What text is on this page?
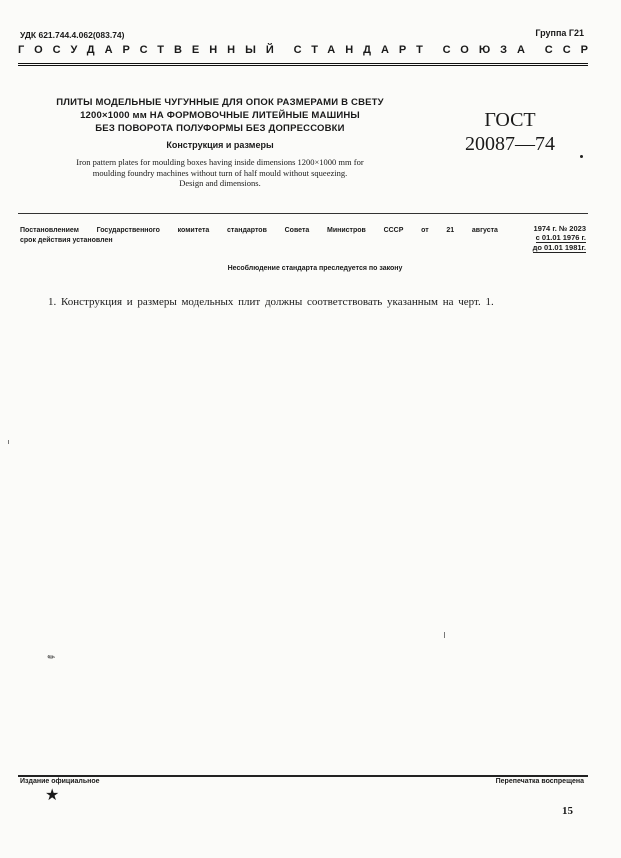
УДК 621.744.4.062(083.74)	Группа Г21
ГОСУДАРСТВЕННЫЙ СТАНДАРТ СОЮЗА ССР
ПЛИТЫ МОДЕЛЬНЫЕ ЧУГУННЫЕ ДЛЯ ОПОК РАЗМЕРАМИ В СВЕТУ
1200×1000 мм НА ФОРМОВОЧНЫЕ ЛИТЕЙНЫЕ МАШИНЫ
БЕЗ ПОВОРОТА ПОЛУФОРМЫ БЕЗ ДОПРЕССОВКИ
Конструкция и размеры
Iron pattern plates for moulding boxes having inside dimensions 1200×1000 mm for
moulding foundry machines without turn of half mould without squeezing.
Design and dimensions.
ГОСТ
20087—74
Постановлением	Государственного	комитета	стандартов	Совета	Министров	СССР	от	21	августа
срок действия установлен
1974 г. № 2023
с 01.01 1976 г.
до 01.01 1981г.
Несоблюдение стандарта преследуется по закону
1. Конструкция и размеры модельных плит должны соответствовать указанным на черт. 1.
✎
Издание официальное	Перепечатка воспрещена
★
15
